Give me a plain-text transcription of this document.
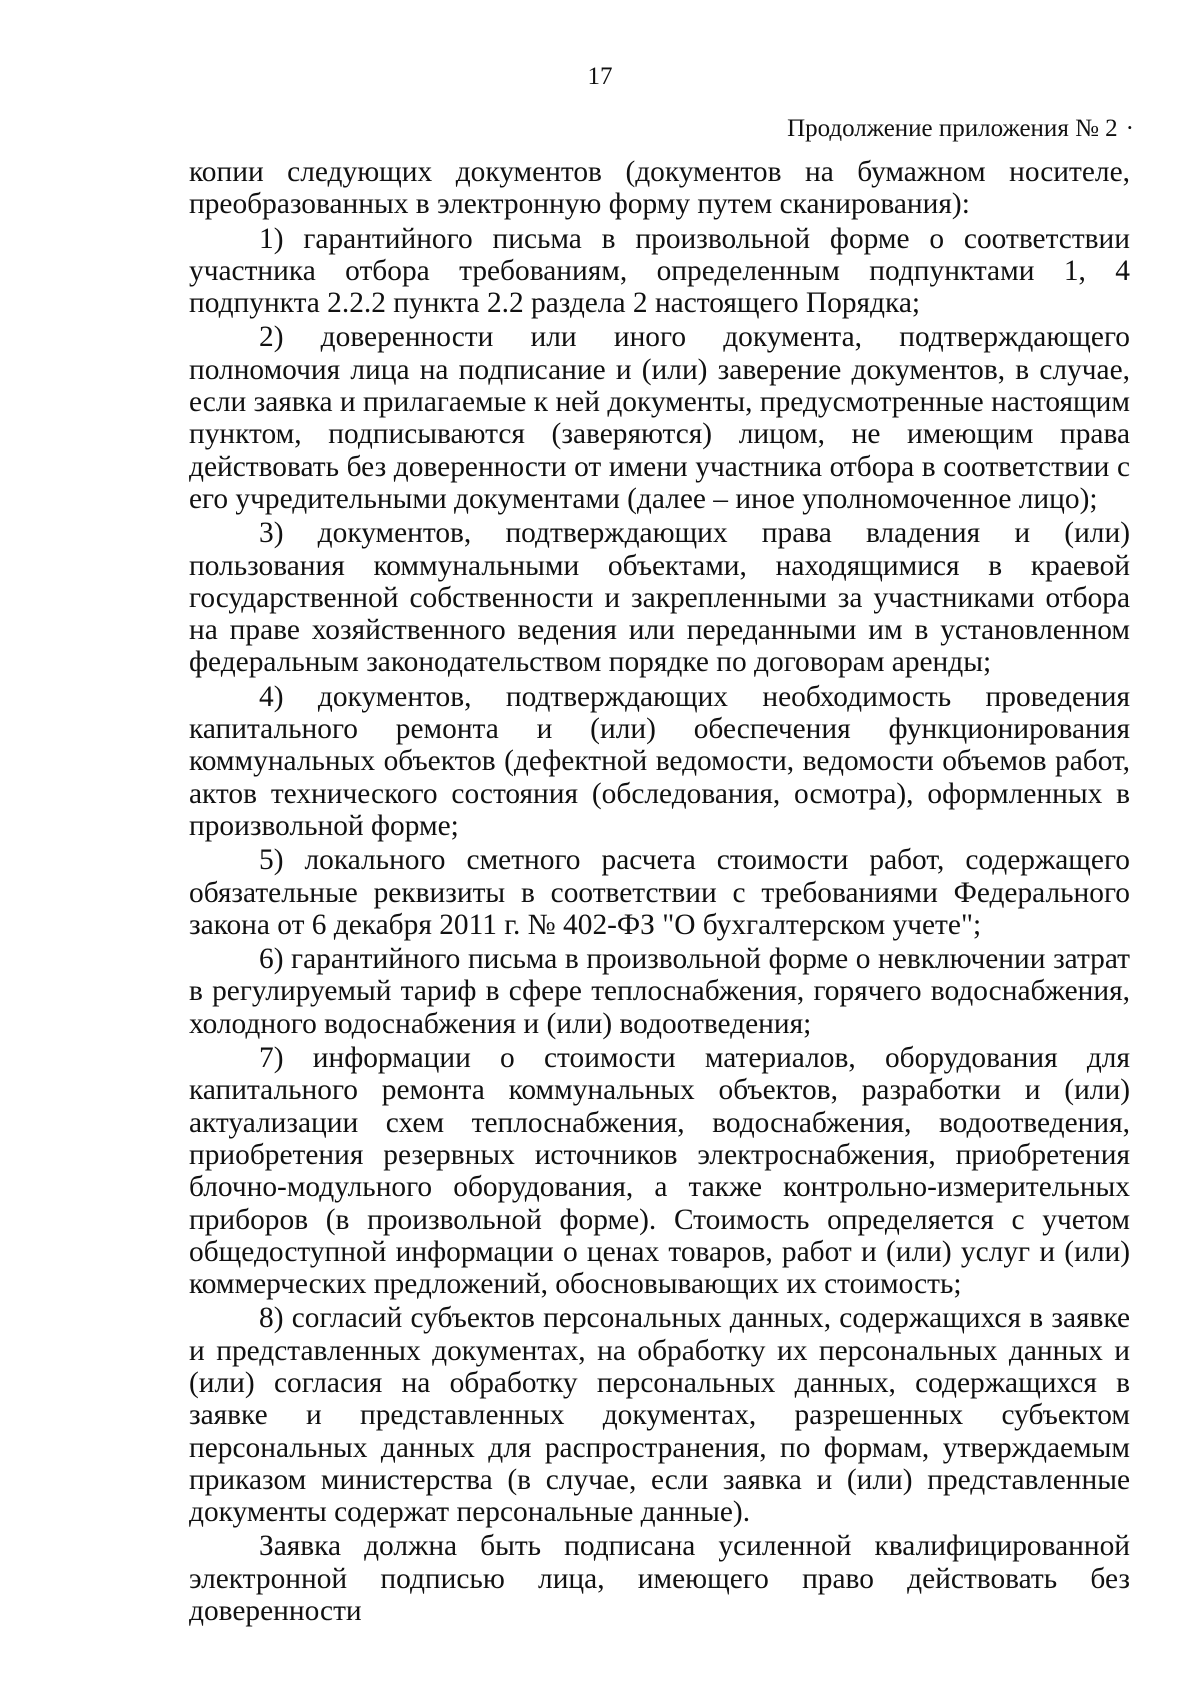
17
Продолжение приложения № 2 ·

копии следующих документов (документов на бумажном носителе, преобразованных в электронную форму путем сканирования):

1) гарантийного письма в произвольной форме о соответствии участника отбора требованиям, определенным подпунктами 1, 4 подпункта 2.2.2 пункта 2.2 раздела 2 настоящего Порядка;

2) доверенности или иного документа, подтверждающего полномочия лица на подписание и (или) заверение документов, в случае, если заявка и прилагаемые к ней документы, предусмотренные настоящим пунктом, подписываются (заверяются) лицом, не имеющим права действовать без доверенности от имени участника отбора в соответствии с его учредительными документами (далее – иное уполномоченное лицо);

3) документов, подтверждающих права владения и (или) пользования коммунальными объектами, находящимися в краевой государственной собственности и закрепленными за участниками отбора на праве хозяйственного ведения или переданными им в установленном федеральным законодательством порядке по договорам аренды;

4) документов, подтверждающих необходимость проведения капитального ремонта и (или) обеспечения функционирования коммунальных объектов (дефектной ведомости, ведомости объемов работ, актов технического состояния (обследования, осмотра), оформленных в произвольной форме;

5) локального сметного расчета стоимости работ, содержащего обязательные реквизиты в соответствии с требованиями Федерального закона от 6 декабря 2011 г. № 402-ФЗ "О бухгалтерском учете";

6) гарантийного письма в произвольной форме о невключении затрат в регулируемый тариф в сфере теплоснабжения, горячего водоснабжения, холодного водоснабжения и (или) водоотведения;

7) информации о стоимости материалов, оборудования для капитального ремонта коммунальных объектов, разработки и (или) актуализации схем теплоснабжения, водоснабжения, водоотведения, приобретения резервных источников электроснабжения, приобретения блочно-модульного оборудования, а также контрольно-измерительных приборов (в произвольной форме). Стоимость определяется с учетом общедоступной информации о ценах товаров, работ и (или) услуг и (или) коммерческих предложений, обосновывающих их стоимость;

8) согласий субъектов персональных данных, содержащихся в заявке и представленных документах, на обработку их персональных данных и (или) согласия на обработку персональных данных, содержащихся в заявке и представленных документах, разрешенных субъектом персональных данных для распространения, по формам, утверждаемым приказом министерства (в случае, если заявка и (или) представленные документы содержат персональные данные).

Заявка должна быть подписана усиленной квалифицированной электронной подписью лица, имеющего право действовать без доверенности
